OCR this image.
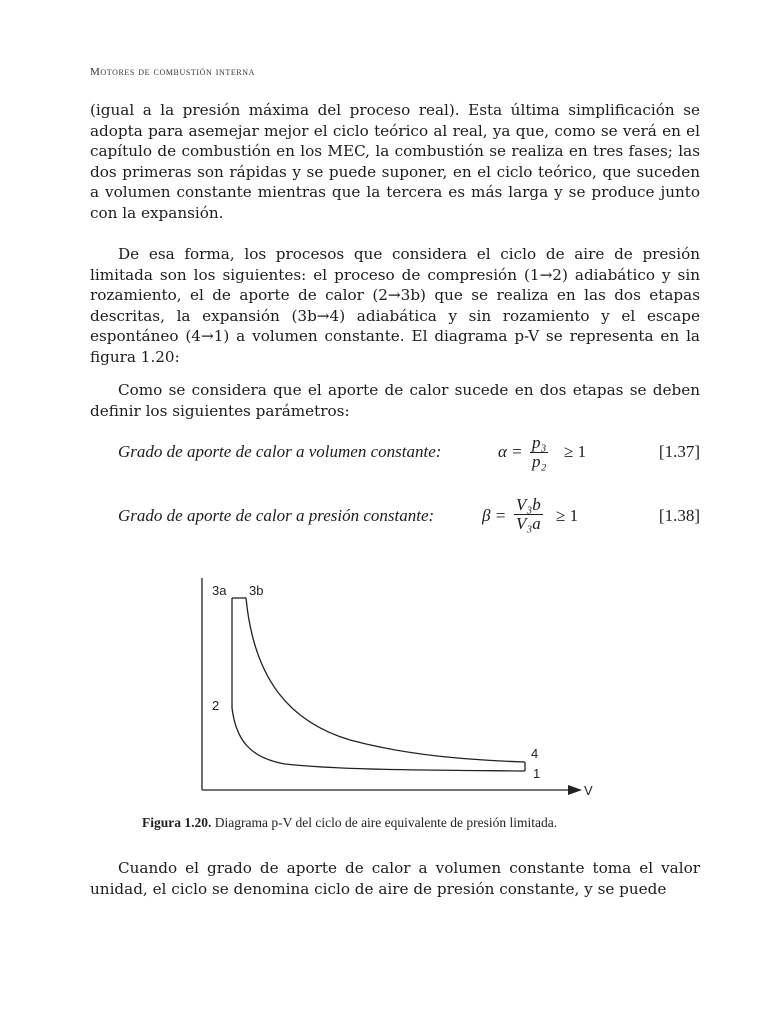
Motores de combustión interna

(igual a la presión máxima del proceso real). Esta última simplificación se adopta para asemejar mejor el ciclo teórico al real, ya que, como se verá en el capítulo de combustión en los MEC, la combustión se realiza en tres fases; las dos primeras son rápidas y se puede suponer, en el ciclo teórico, que suceden a volumen constante mientras que la tercera es más larga y se produce junto con la expansión.

De esa forma, los procesos que considera el ciclo de aire de presión limitada son los siguientes: el proceso de compresión (1→2) adiabático y sin rozamiento, el de aporte de calor (2→3b) que se realiza en las dos etapas descritas, la expansión (3b→4) adiabática y sin rozamiento y el escape espontáneo (4→1) a volumen constante. El diagrama p-V se representa en la figura 1.20:

Como se considera que el aporte de calor sucede en dos etapas se deben definir los siguientes parámetros:

Grado de aporte de calor a volumen constante:	$\alpha = \frac{\text{p₃}}{\text{p₂}} \ge 1$	[1.37]
Grado de aporte de calor a presión constante:	$\beta = \frac{\text{V₃b}}{\text{V₃a}} \ge 1$	[1.38]
3a 3b
2
4
1
V
Figura 1.20. Diagrama p-V del ciclo de aire equivalente de presión limitada.

Cuando el grado de aporte de calor a volumen constante toma el valor unidad, el ciclo se denomina ciclo de aire de presión constante, y se puede
